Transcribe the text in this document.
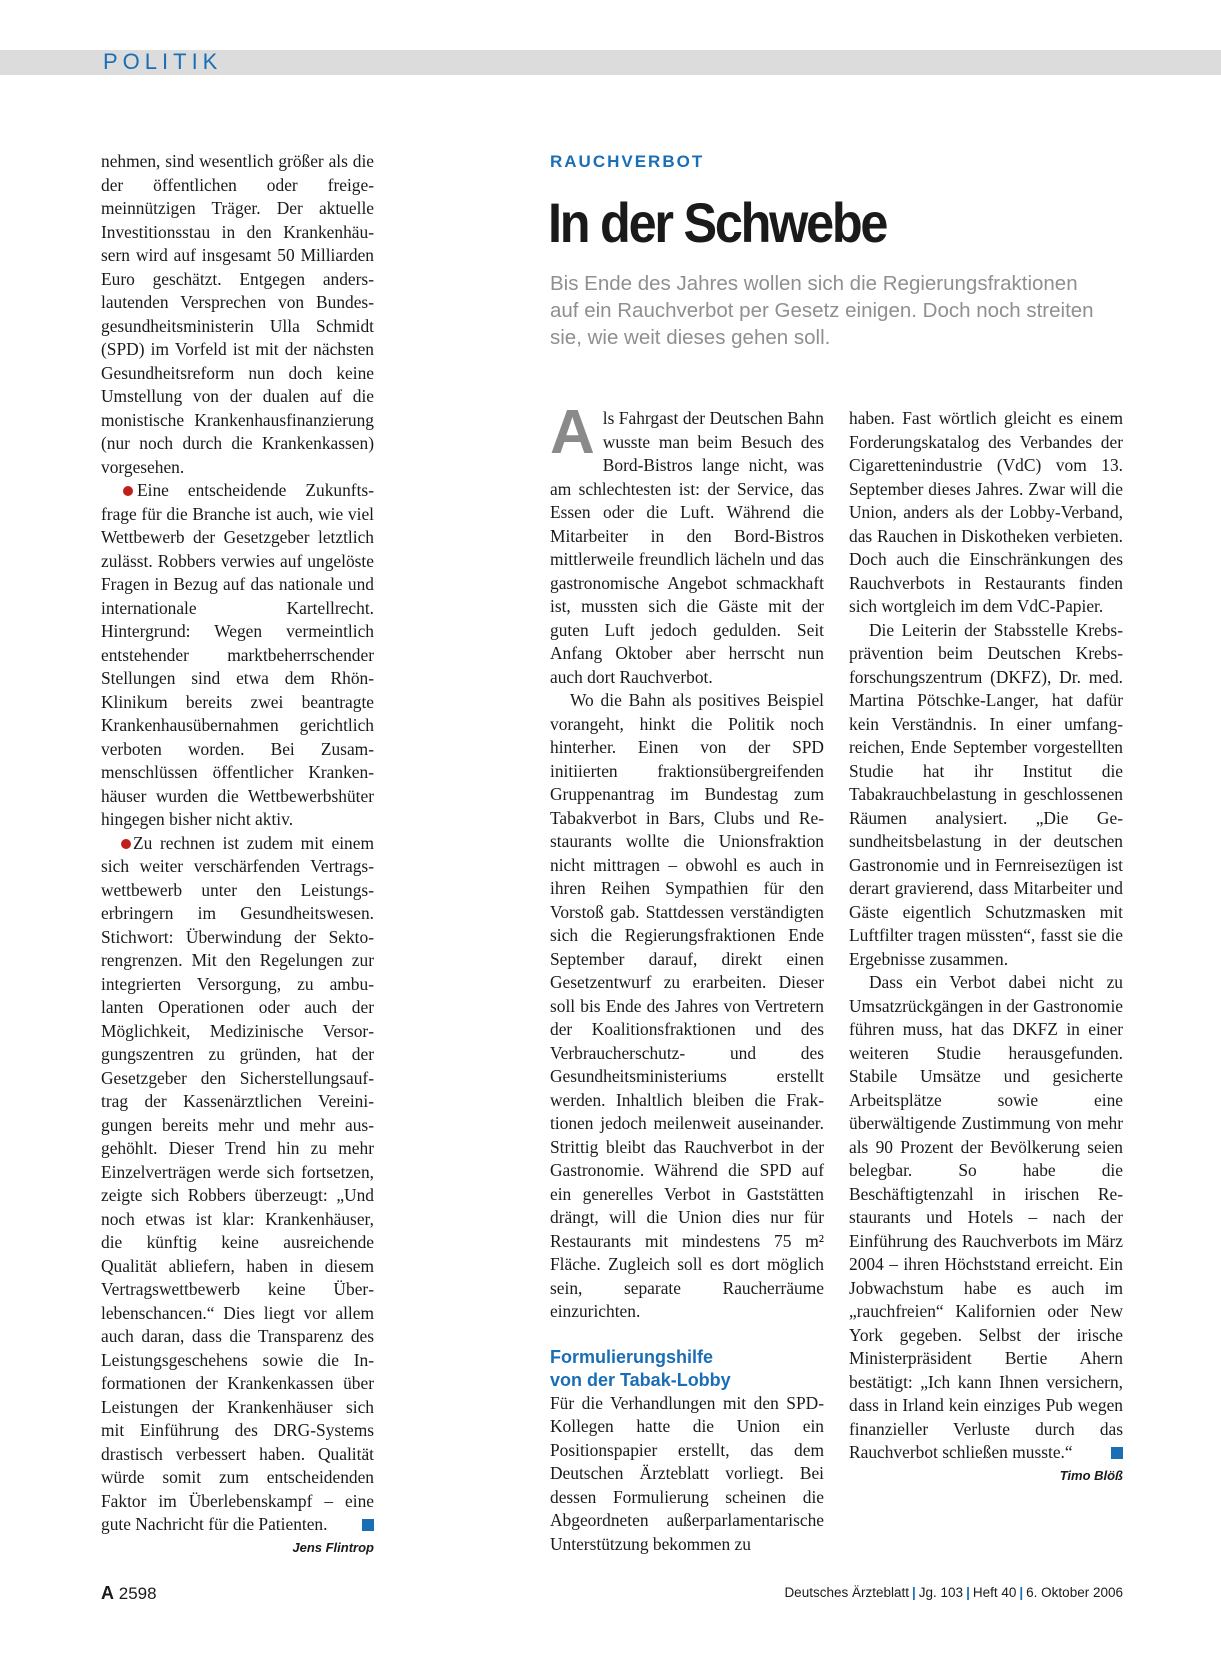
POLITIK

nehmen, sind wesentlich größer als die der öffentlichen oder freigemeinnützigen Träger. Der aktuelle Investitionsstau in den Krankenhäusern wird auf insgesamt 50 Milliarden Euro geschätzt. Entgegen anderslautenden Versprechen von Bundesgesundheitsministerin Ulla Schmidt (SPD) im Vorfeld ist mit der nächsten Gesundheitsreform nun doch keine Umstellung von der dualen auf die monistische Krankenhausfinanzierung (nur noch durch die Krankenkassen) vorgesehen.

Eine entscheidende Zukunftsfrage für die Branche ist auch, wie viel Wettbewerb der Gesetzgeber letztlich zulässt. Robbers verwies auf ungelöste Fragen in Bezug auf das nationale und internationale Kartellrecht. Hintergrund: Wegen vermeintlich entstehender marktbeherrschender Stellungen sind etwa dem Rhön-Klinikum bereits zwei beantragte Krankenhausübernahmen gerichtlich verboten worden. Bei Zusammenschlüssen öffentlicher Krankenhäuser wurden die Wettbewerbshüter hingegen bisher nicht aktiv.

Zu rechnen ist zudem mit einem sich weiter verschärfenden Vertragswettbewerb unter den Leistungserbringern im Gesundheitswesen. Stichwort: Überwindung der Sektorengrenzen. Mit den Regelungen zur integrierten Versorgung, zu ambulanten Operationen oder auch der Möglichkeit, Medizinische Versorgungszentren zu gründen, hat der Gesetzgeber den Sicherstellungsauftrag der Kassenärztlichen Vereinigungen bereits mehr und mehr ausgehöhlt. Dieser Trend hin zu mehr Einzelverträgen werde sich fortsetzen, zeigte sich Robbers überzeugt: „Und noch etwas ist klar: Krankenhäuser, die künftig keine ausreichende Qualität abliefern, haben in diesem Vertragswettbewerb keine Überlebenschancen.“ Dies liegt vor allem auch daran, dass die Transparenz des Leistungsgeschehens sowie die Informationen der Krankenkassen über Leistungen der Krankenhäuser sich mit Einführung des DRG-Systems drastisch verbessert haben. Qualität würde somit zum entscheidenden Faktor im Überlebenskampf – eine gute Nachricht für die Patienten.

Jens Flintrop
RAUCHVERBOT
In der Schwebe
Bis Ende des Jahres wollen sich die Regierungsfraktionen auf ein Rauchverbot per Gesetz einigen. Doch noch streiten sie, wie weit dieses gehen soll.

Als Fahrgast der Deutschen Bahn wusste man beim Besuch des Bord-Bistros lange nicht, was am schlechtesten ist: der Service, das Essen oder die Luft. Während die Mitarbeiter in den Bord-Bistros mittlerweile freundlich lächeln und das gastronomische Angebot schmackhaft ist, mussten sich die Gäste mit der guten Luft jedoch gedulden. Seit Anfang Oktober aber herrscht nun auch dort Rauchverbot.

Wo die Bahn als positives Beispiel vorangeht, hinkt die Politik noch hinterher. Einen von der SPD initiierten fraktionsübergreifenden Gruppenantrag im Bundestag zum Tabakverbot in Bars, Clubs und Restaurants wollte die Unionsfraktion nicht mittragen – obwohl es auch in ihren Reihen Sympathien für den Vorstoß gab. Stattdessen verständigten sich die Regierungsfraktionen Ende September darauf, direkt einen Gesetzentwurf zu erarbeiten. Dieser soll bis Ende des Jahres von Vertretern der Koalitionsfraktionen und des Verbraucherschutz- und des Gesundheitsministeriums erstellt werden. Inhaltlich bleiben die Fraktionen jedoch meilenweit auseinander. Strittig bleibt das Rauchverbot in der Gastronomie. Während die SPD auf ein generelles Verbot in Gaststätten drängt, will die Union dies nur für Restaurants mit mindestens 75 m² Fläche. Zugleich soll es dort möglich sein, separate Raucherräume einzurichten.

Formulierungshilfe
von der Tabak-Lobby

Für die Verhandlungen mit den SPD-Kollegen hatte die Union ein Positionspapier erstellt, das dem Deutschen Ärzteblatt vorliegt. Bei dessen Formulierung scheinen die Abgeordneten außerparlamentarische Unterstützung bekommen zu

haben. Fast wörtlich gleicht es einem Forderungskatalog des Verbandes der Cigarettenindustrie (VdC) vom 13. September dieses Jahres. Zwar will die Union, anders als der Lobby-Verband, das Rauchen in Diskotheken verbieten. Doch auch die Einschränkungen des Rauchverbots in Restaurants finden sich wortgleich im dem VdC-Papier.

Die Leiterin der Stabsstelle Krebsprävention beim Deutschen Krebsforschungszentrum (DKFZ), Dr. med. Martina Pötschke-Langer, hat dafür kein Verständnis. In einer umfangreichen, Ende September vorgestellten Studie hat ihr Institut die Tabakrauchbelastung in geschlossenen Räumen analysiert. „Die Gesundheitsbelastung in der deutschen Gastronomie und in Fernreisezügen ist derart gravierend, dass Mitarbeiter und Gäste eigentlich Schutzmasken mit Luftfilter tragen müssten“, fasst sie die Ergebnisse zusammen.

Dass ein Verbot dabei nicht zu Umsatzrückgängen in der Gastronomie führen muss, hat das DKFZ in einer weiteren Studie herausgefunden. Stabile Umsätze und gesicherte Arbeitsplätze sowie eine überwältigende Zustimmung von mehr als 90 Prozent der Bevölkerung seien belegbar. So habe die Beschäftigtenzahl in irischen Restaurants und Hotels – nach der Einführung des Rauchverbots im März 2004 – ihren Höchststand erreicht. Ein Jobwachstum habe es auch im „rauchfreien“ Kalifornien oder New York gegeben. Selbst der irische Ministerpräsident Bertie Ahern bestätigt: „Ich kann Ihnen versichern, dass in Irland kein einziges Pub wegen finanzieller Verluste durch das Rauchverbot schließen musste.“

Timo Blöß
A 2598	Deutsches Ärzteblatt | Jg. 103 | Heft 40 | 6. Oktober 2006
